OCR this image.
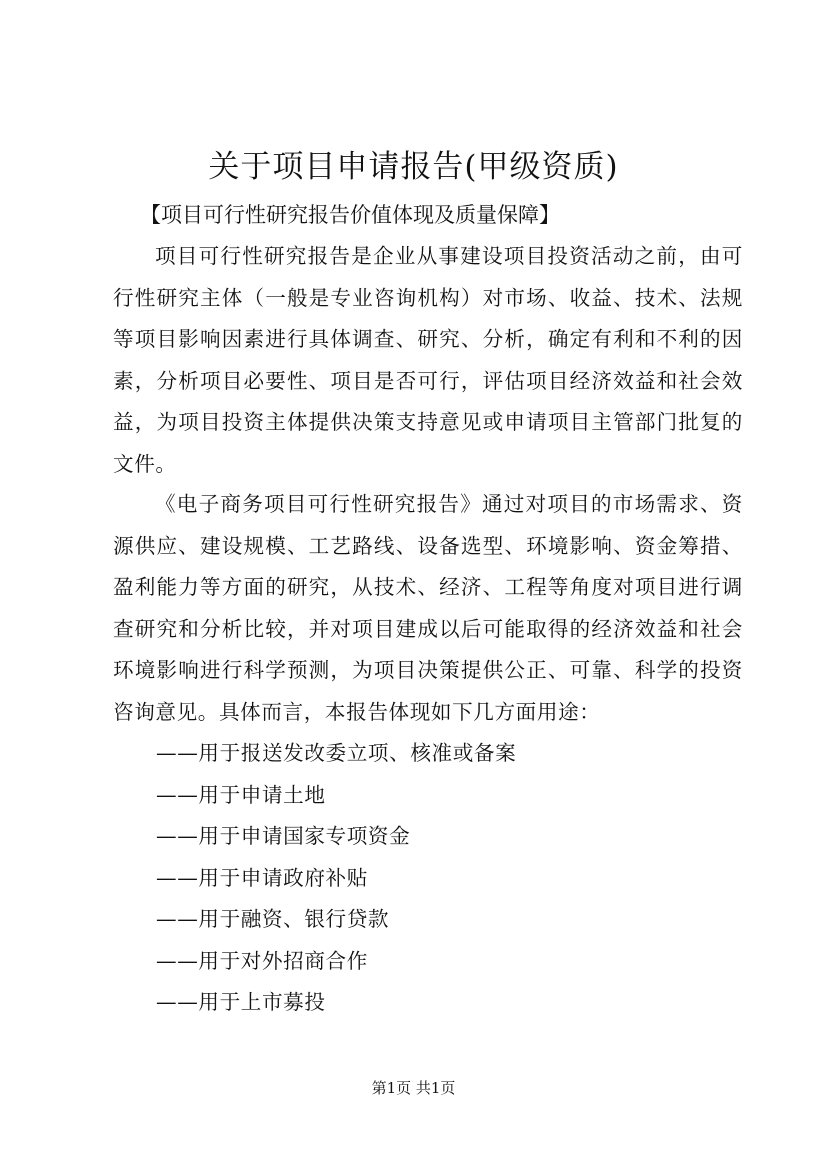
关于项目申请报告(甲级资质)

【项目可行性研究报告价值体现及质量保障】

项目可行性研究报告是企业从事建设项目投资活动之前，由可行性研究主体（一般是专业咨询机构）对市场、收益、技术、法规等项目影响因素进行具体调查、研究、分析，确定有利和不利的因素，分析项目必要性、项目是否可行，评估项目经济效益和社会效益，为项目投资主体提供决策支持意见或申请项目主管部门批复的文件。

《电子商务项目可行性研究报告》通过对项目的市场需求、资源供应、建设规模、工艺路线、设备选型、环境影响、资金筹措、盈利能力等方面的研究，从技术、经济、工程等角度对项目进行调查研究和分析比较，并对项目建成以后可能取得的经济效益和社会环境影响进行科学预测，为项目决策提供公正、可靠、科学的投资咨询意见。具体而言，本报告体现如下几方面用途：

——用于报送发改委立项、核准或备案
——用于申请土地
——用于申请国家专项资金
——用于申请政府补贴
——用于融资、银行贷款
——用于对外招商合作
——用于上市募投

第1页 共1页
